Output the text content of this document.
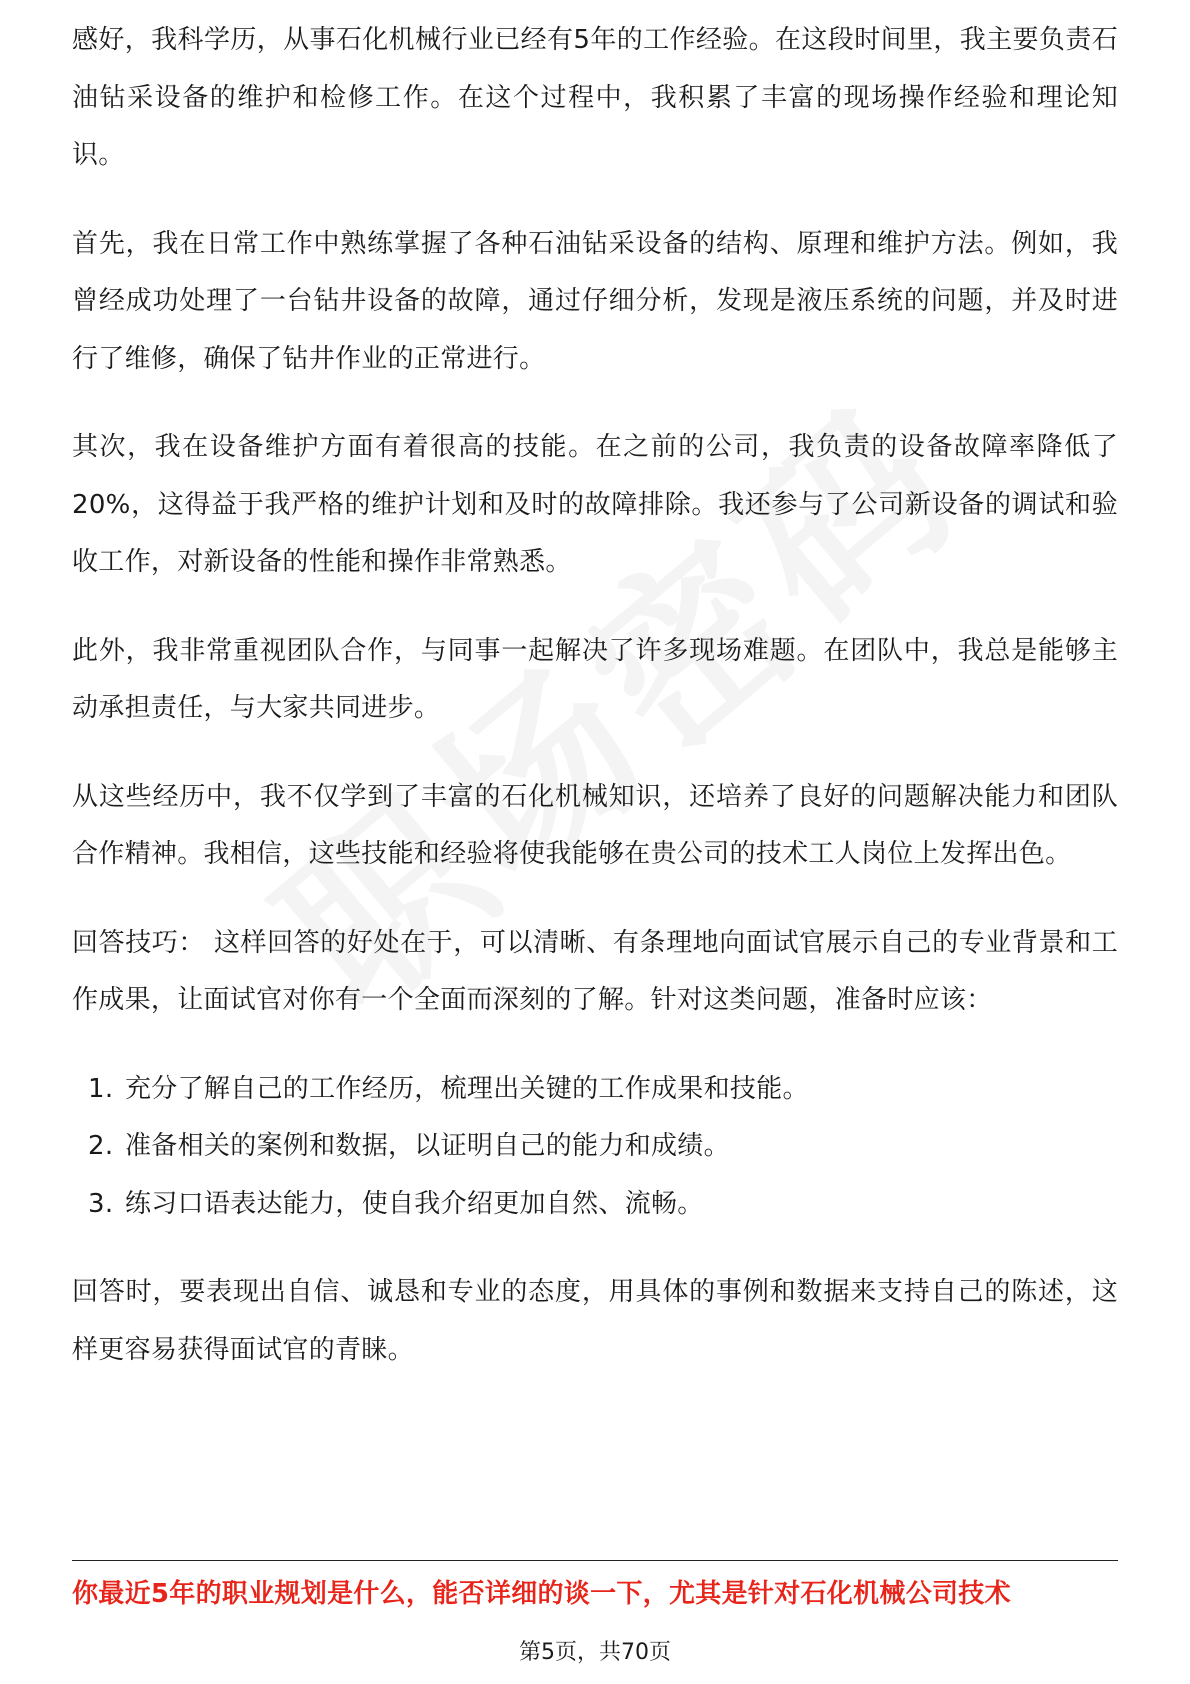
感好，我科学历，从事石化机械行业已经有5年的工作经验。在这段时间里，我主要负责石油钻采设备的维护和检修工作。在这个过程中，我积累了丰富的现场操作经验和理论知识。

首先，我在日常工作中熟练掌握了各种石油钻采设备的结构、原理和维护方法。例如，我曾经成功处理了一台钻井设备的故障，通过仔细分析，发现是液压系统的问题，并及时进行了维修，确保了钻井作业的正常进行。

其次，我在设备维护方面有着很高的技能。在之前的公司，我负责的设备故障率降低了20%，这得益于我严格的维护计划和及时的故障排除。我还参与了公司新设备的调试和验收工作，对新设备的性能和操作非常熟悉。

此外，我非常重视团队合作，与同事一起解决了许多现场难题。在团队中，我总是能够主动承担责任，与大家共同进步。

从这些经历中，我不仅学到了丰富的石化机械知识，还培养了良好的问题解决能力和团队合作精神。我相信，这些技能和经验将使我能够在贵公司的技术工人岗位上发挥出色。

回答技巧： 这样回答的好处在于，可以清晰、有条理地向面试官展示自己的专业背景和工作成果，让面试官对你有一个全面而深刻的了解。针对这类问题，准备时应该：

1. 充分了解自己的工作经历，梳理出关键的工作成果和技能。
2. 准备相关的案例和数据，以证明自己的能力和成绩。
3. 练习口语表达能力，使自我介绍更加自然、流畅。

回答时，要表现出自信、诚恳和专业的态度，用具体的事例和数据来支持自己的陈述，这样更容易获得面试官的青睐。

你最近5年的职业规划是什么，能否详细的谈一下，尤其是针对石化机械公司技术
第5页，共70页
